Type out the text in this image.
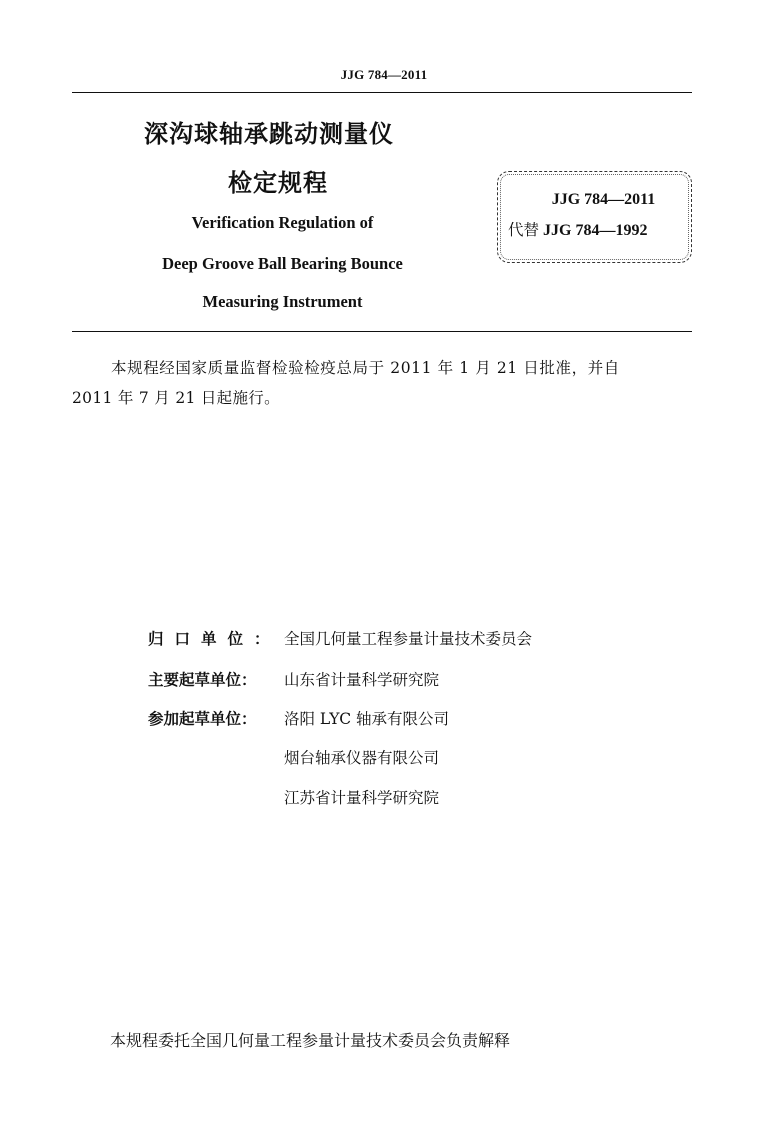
JJG 784—2011
深沟球轴承跳动测量仪
检定规程
Verification Regulation of
Deep Groove Ball Bearing Bounce
Measuring Instrument
JJG 784—2011
代替 JJG 784—1992
本规程经国家质量监督检验检疫总局于 2011 年 1 月 21 日批准，并自
2011 年 7 月 21 日起施行。
归口单位： 全国几何量工程参量计量技术委员会
主要起草单位： 山东省计量科学研究院
参加起草单位： 洛阳 LYC 轴承有限公司
烟台轴承仪器有限公司
江苏省计量科学研究院
本规程委托全国几何量工程参量计量技术委员会负责解释
